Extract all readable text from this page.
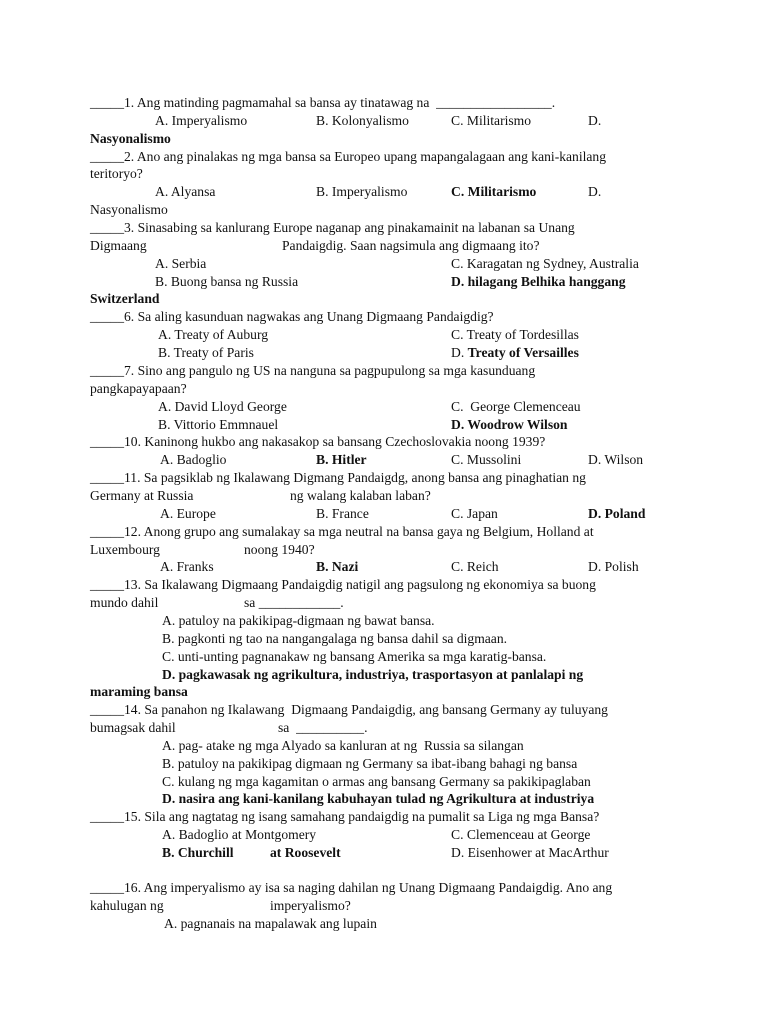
_____1. Ang matinding pagmamahal sa bansa ay tinatawag na  _________________.
A. Imperyalismo	B. Kolonyalismo	C. Militarismo	D.
Nasyonalismo
_____2. Ano ang pinalakas ng mga bansa sa Europeo upang mapangalagaan ang kani-kanilang
teritoryo?
A. Alyansa	B. Imperyalismo	C. Militarismo	D.
Nasyonalismo
_____3. Sinasabing sa kanlurang Europe naganap ang pinakamainit na labanan sa Unang
Digmaang	Pandaigdig. Saan nagsimula ang digmaang ito?
A. Serbia	C. Karagatan ng Sydney, Australia
B. Buong bansa ng Russia	D. hilagang Belhika hanggang
Switzerland
_____6. Sa aling kasunduan nagwakas ang Unang Digmaang Pandaigdig?
A. Treaty of Auburg	C. Treaty of Tordesillas
B. Treaty of Paris	D. Treaty of Versailles
_____7. Sino ang pangulo ng US na nanguna sa pagpupulong sa mga kasunduang
pangkapayapaan?
A. David Lloyd George	C.  George Clemenceau
B. Vittorio Emmnauel	D. Woodrow Wilson
_____10. Kaninong hukbo ang nakasakop sa bansang Czechoslovakia noong 1939?
A. Badoglio	B. Hitler	C. Mussolini	D. Wilson
_____11. Sa pagsiklab ng Ikalawang Digmang Pandaigdg, anong bansa ang pinaghatian ng
Germany at Russia	ng walang kalaban laban?
A. Europe	B. France	C. Japan	D. Poland
_____12. Anong grupo ang sumalakay sa mga neutral na bansa gaya ng Belgium, Holland at
Luxembourg	noong 1940?
A. Franks	B. Nazi	C. Reich	D. Polish
_____13. Sa Ikalawang Digmaang Pandaigdig natigil ang pagsulong ng ekonomiya sa buong
mundo dahil	sa ____________.
A. patuloy na pakikipag-digmaan ng bawat bansa.
B. pagkonti ng tao na nangangalaga ng bansa dahil sa digmaan.
C. unti-unting pagnanakaw ng bansang Amerika sa mga karatig-bansa.
D. pagkawasak ng agrikultura, industriya, trasportasyon at panlalapi ng
maraming bansa
_____14. Sa panahon ng Ikalawang  Digmaang Pandaigdig, ang bansang Germany ay tuluyang
bumagsak dahil	sa  __________.
A. pag- atake ng mga Alyado sa kanluran at ng  Russia sa silangan
B. patuloy na pakikipag digmaan ng Germany sa ibat-ibang bahagi ng bansa
C. kulang ng mga kagamitan o armas ang bansang Germany sa pakikipaglaban
D. nasira ang kani-kanilang kabuhayan tulad ng Agrikultura at industriya
_____15. Sila ang nagtatag ng isang samahang pandaigdig na pumalit sa Liga ng mga Bansa?
A. Badoglio at Montgomery	C. Clemenceau at George
B. Churchill	at Roosevelt	D. Eisenhower at MacArthur
_____16. Ang imperyalismo ay isa sa naging dahilan ng Unang Digmaang Pandaigdig. Ano ang
kahulugan ng	imperyalismo?
A. pagnanais na mapalawak ang lupain
